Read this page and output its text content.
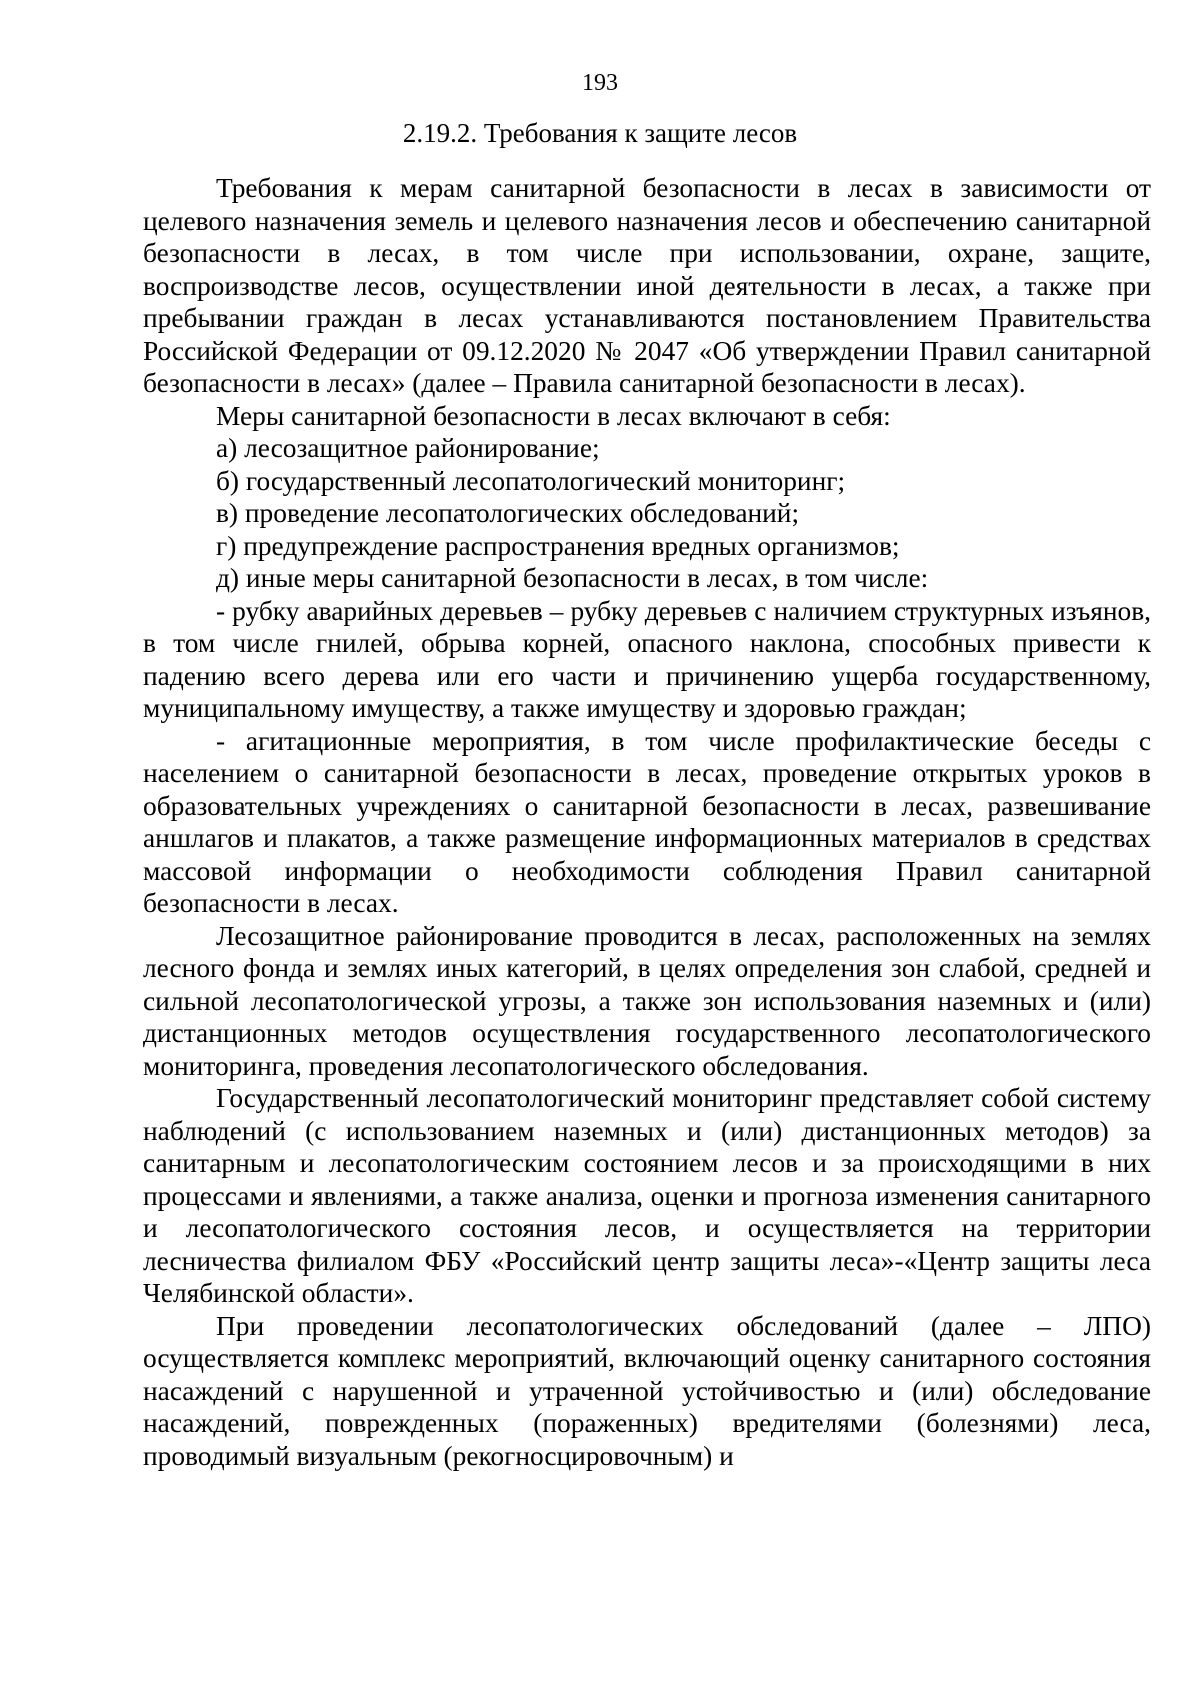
193
2.19.2. Требования к защите лесов

Требования к мерам санитарной безопасности в лесах в зависимости от целевого назначения земель и целевого назначения лесов и обеспечению санитарной безопасности в лесах, в том числе при использовании, охране, защите, воспроизводстве лесов, осуществлении иной деятельности в лесах, а также при пребывании граждан в лесах устанавливаются постановлением Правительства Российской Федерации от 09.12.2020 № 2047 «Об утверждении Правил санитарной безопасности в лесах» (далее – Правила санитарной безопасности в лесах).

Меры санитарной безопасности в лесах включают в себя:

а) лесозащитное районирование;

б) государственный лесопатологический мониторинг;

в) проведение лесопатологических обследований;

г) предупреждение распространения вредных организмов;

д) иные меры санитарной безопасности в лесах, в том числе:

- рубку аварийных деревьев – рубку деревьев с наличием структурных изъянов, в том числе гнилей, обрыва корней, опасного наклона, способных привести к падению всего дерева или его части и причинению ущерба государственному, муниципальному имуществу, а также имуществу и здоровью граждан;

- агитационные мероприятия, в том числе профилактические беседы с населением о санитарной безопасности в лесах, проведение открытых уроков в образовательных учреждениях о санитарной безопасности в лесах, развешивание аншлагов и плакатов, а также размещение информационных материалов в средствах массовой информации о необходимости соблюдения Правил санитарной безопасности в лесах.

Лесозащитное районирование проводится в лесах, расположенных на землях лесного фонда и землях иных категорий, в целях определения зон слабой, средней и сильной лесопатологической угрозы, а также зон использования наземных и (или) дистанционных методов осуществления государственного лесопатологического мониторинга, проведения лесопатологического обследования.

Государственный лесопатологический мониторинг представляет собой систему наблюдений (с использованием наземных и (или) дистанционных методов) за санитарным и лесопатологическим состоянием лесов и за происходящими в них процессами и явлениями, а также анализа, оценки и прогноза изменения санитарного и лесопатологического состояния лесов, и осуществляется на территории лесничества филиалом ФБУ «Российский центр защиты леса»-«Центр защиты леса Челябинской области».

При проведении лесопатологических обследований (далее – ЛПО) осуществляется комплекс мероприятий, включающий оценку санитарного состояния насаждений с нарушенной и утраченной устойчивостью и (или) обследование насаждений, поврежденных (пораженных) вредителями (болезнями) леса, проводимый визуальным (рекогносцировочным) и
